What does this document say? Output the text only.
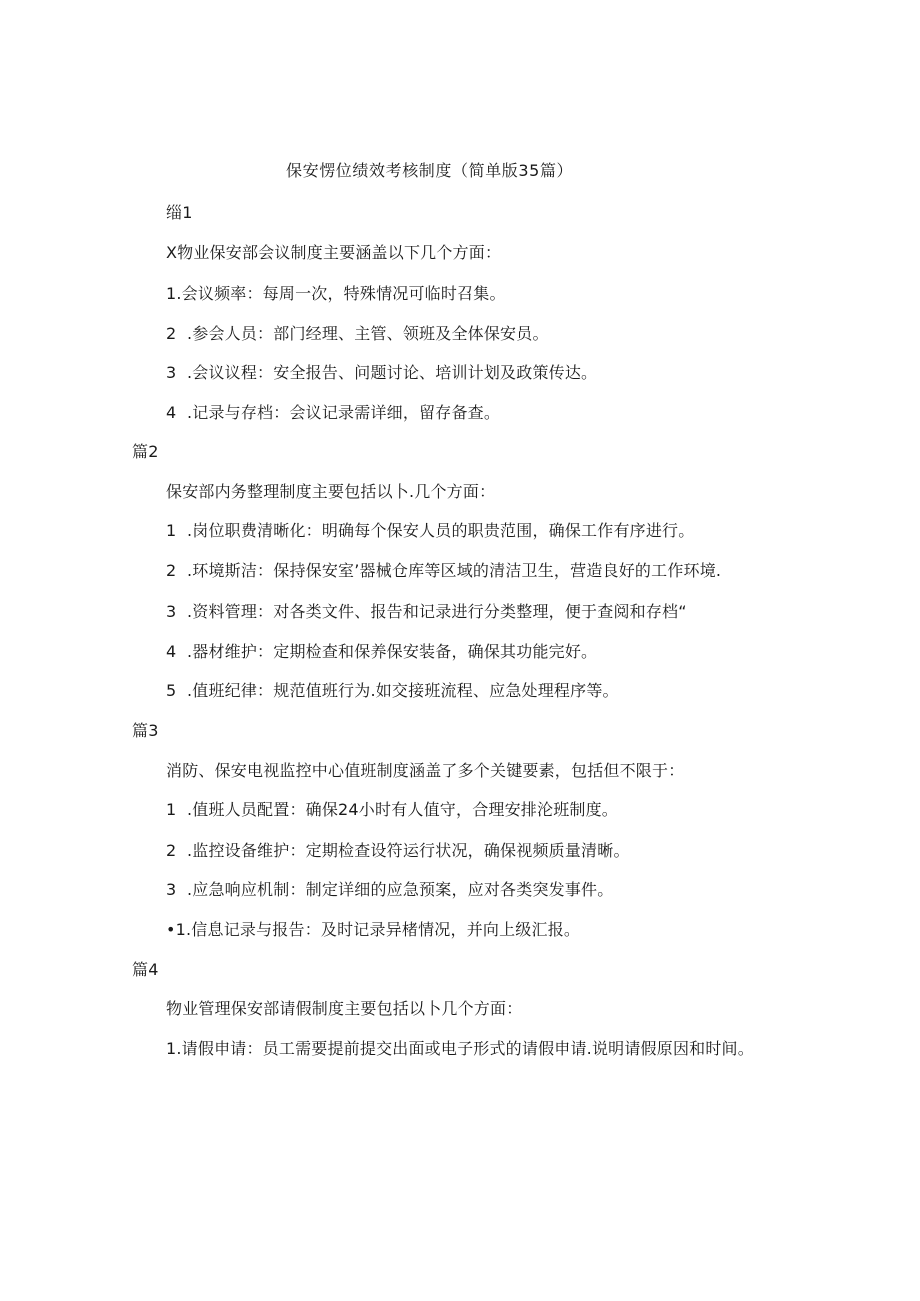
保安愣位绩效考核制度（简单版35篇）
缁1
X物业保安部会议制度主要涵盖以下几个方面：
1.会议频率：每周一次，特殊情况可临时召集。
2  .参会人员：部门经理、主管、领班及全体保安员。
3  .会议议程：安全报告、问题讨论、培训计划及政策传达。
4  .记录与存档：会议记录需详细，留存备查。
篇2
保安部内务整理制度主要包括以卜.几个方面：
1  .岗位职费清晰化：明确每个保安人员的职贵范围，确保工作有序进行。
2  .环境斯洁：保持保安室’器械仓库等区域的清洁卫生，营造良好的工作环境.
3  .资料管理：对各类文件、报告和记录进行分类整理，便于查阅和存档“
4  .器材维护：定期检查和保养保安装备，确保其功能完好。
5  .值班纪律：规范值班行为.如交接班流程、应急处理程序等。
篇3
消防、保安电视监控中心值班制度涵盖了多个关键要素，包括但不限于：
1  .值班人员配置：确保24小时有人值守，合理安排沦班制度。
2  .监控设备维护：定期检查设符运行状况，确保视频质量清晰。
3  .应急响应机制：制定详细的应急预案，应对各类突发事件。
•1.信息记录与报告：及时记录异楮情况，并向上级汇报。
篇4
物业管理保安部请假制度主要包括以卜几个方面：
1.请假申请：员工需要提前提交出面或电子形式的请假申请.说明请假原因和时间。
